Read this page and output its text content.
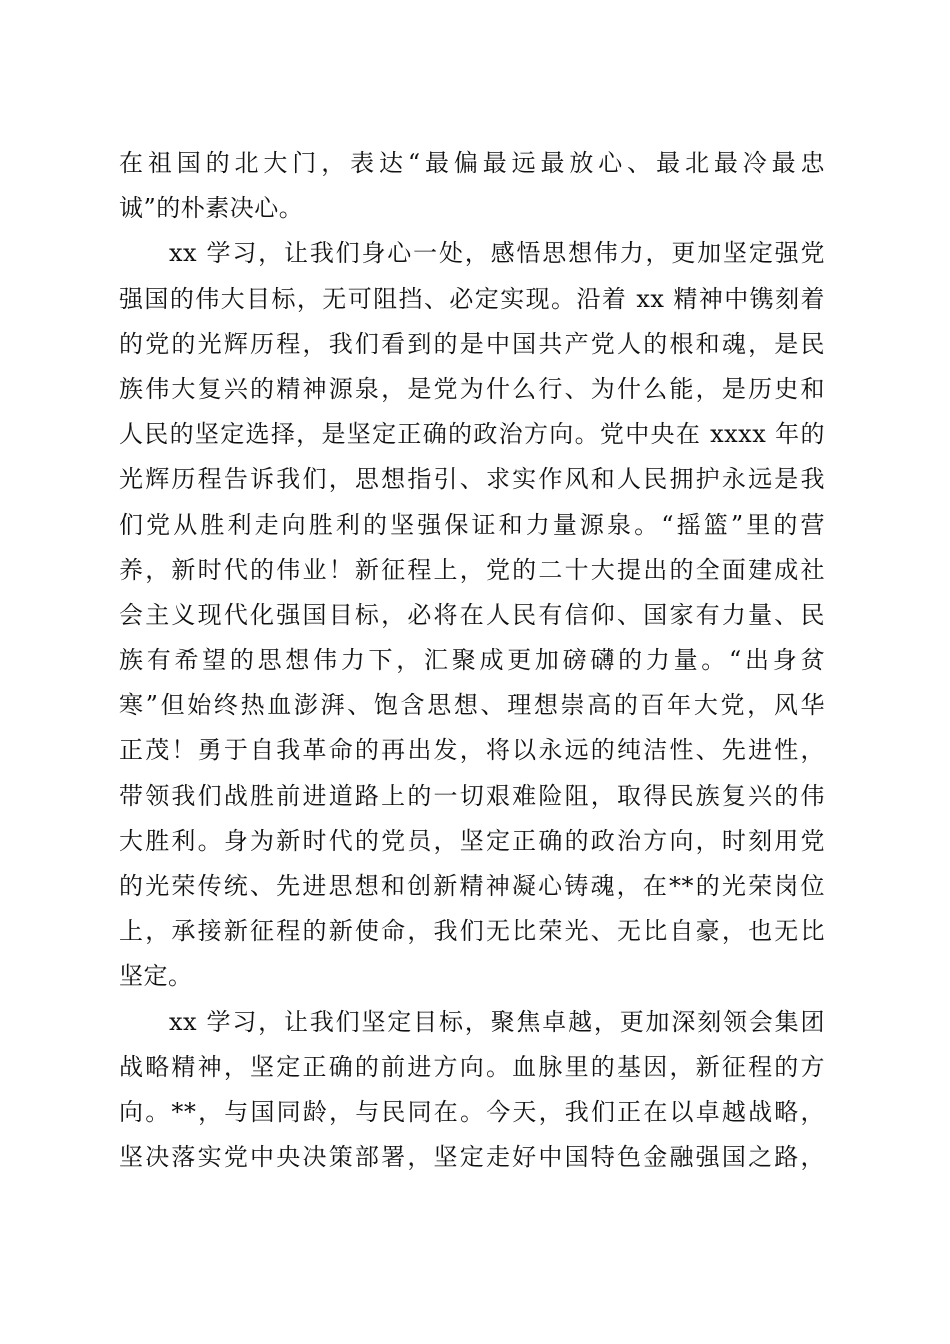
在祖国的北大门，表达“最偏最远最放心、最北最冷最忠
诚”的朴素决心。
xx 学习，让我们身心一处，感悟思想伟力，更加坚定强党
强国的伟大目标，无可阻挡、必定实现。沿着 xx 精神中镌刻着
的党的光辉历程，我们看到的是中国共产党人的根和魂，是民
族伟大复兴的精神源泉，是党为什么行、为什么能，是历史和
人民的坚定选择，是坚定正确的政治方向。党中央在 xxxx 年的
光辉历程告诉我们，思想指引、求实作风和人民拥护永远是我
们党从胜利走向胜利的坚强保证和力量源泉。“摇篮”里的营
养，新时代的伟业！新征程上，党的二十大提出的全面建成社
会主义现代化强国目标，必将在人民有信仰、国家有力量、民
族有希望的思想伟力下，汇聚成更加磅礴的力量。“出身贫
寒”但始终热血澎湃、饱含思想、理想崇高的百年大党，风华
正茂！勇于自我革命的再出发，将以永远的纯洁性、先进性，
带领我们战胜前进道路上的一切艰难险阻，取得民族复兴的伟
大胜利。身为新时代的党员，坚定正确的政治方向，时刻用党
的光荣传统、先进思想和创新精神凝心铸魂，在**的光荣岗位
上，承接新征程的新使命，我们无比荣光、无比自豪，也无比
坚定。
xx 学习，让我们坚定目标，聚焦卓越，更加深刻领会集团
战略精神，坚定正确的前进方向。血脉里的基因，新征程的方
向。**，与国同龄，与民同在。今天，我们正在以卓越战略，
坚决落实党中央决策部署，坚定走好中国特色金融强国之路，
